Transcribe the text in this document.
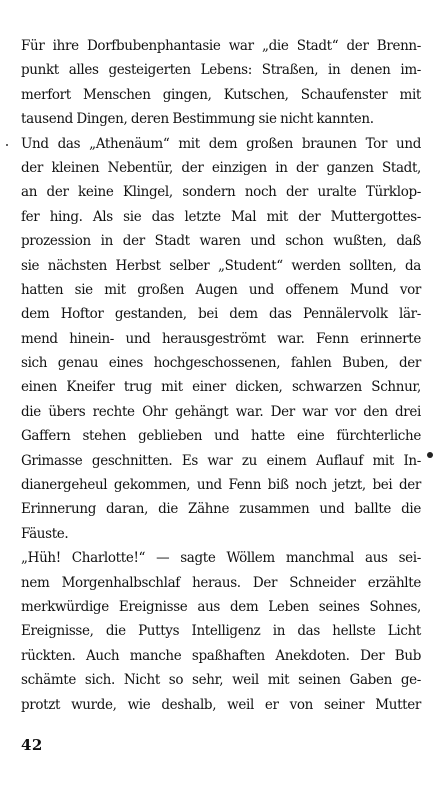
Für ihre Dorfbubenphantasie war „die Stadt“ der Brenn-
punkt alles gesteigerten Lebens: Straßen, in denen im-
merfort Menschen gingen, Kutschen, Schaufenster mit
tausend Dingen, deren Bestimmung sie nicht kannten.
Und das „Athenäum“ mit dem großen braunen Tor und
der kleinen Nebentür, der einzigen in der ganzen Stadt,
an der keine Klingel, sondern noch der uralte Türklop-
fer hing. Als sie das letzte Mal mit der Muttergottes-
prozession in der Stadt waren und schon wußten, daß
sie nächsten Herbst selber „Student“ werden sollten, da
hatten sie mit großen Augen und offenem Mund vor
dem Hoftor gestanden, bei dem das Pennälervolk lär-
mend hinein- und herausgeströmt war. Fenn erinnerte
sich genau eines hochgeschossenen, fahlen Buben, der
einen Kneifer trug mit einer dicken, schwarzen Schnur,
die übers rechte Ohr gehängt war. Der war vor den drei
Gaffern stehen geblieben und hatte eine fürchterliche
Grimasse geschnitten. Es war zu einem Auflauf mit In-
dianergeheul gekommen, und Fenn biß noch jetzt, bei der
Erinnerung daran, die Zähne zusammen und ballte die
Fäuste.
„Hüh! Charlotte!“ — sagte Wöllem manchmal aus sei-
nem Morgenhalbschlaf heraus. Der Schneider erzählte
merkwürdige Ereignisse aus dem Leben seines Sohnes,
Ereignisse, die Puttys Intelligenz in das hellste Licht
rückten. Auch manche spaßhaften Anekdoten. Der Bub
schämte sich. Nicht so sehr, weil mit seinen Gaben ge-
protzt wurde, wie deshalb, weil er von seiner Mutter
42
